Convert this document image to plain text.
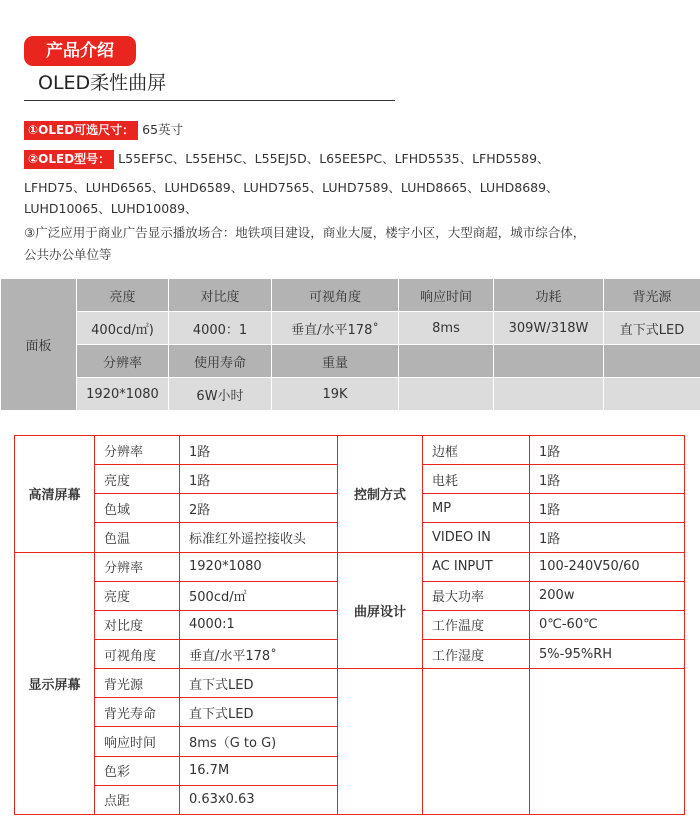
产品介绍
OLED柔性曲屏
①OLED可选尺寸： 65英寸
②OLED型号： L55EF5C、L55EH5C、L55EJ5D、L65EE5PC、LFHD5535、LFHD5589、
LFHD75、LUHD6565、LUHD6589、LUHD7565、LUHD7589、LUHD8665、LUHD8689、
LUHD10065、LUHD10089、
③广泛应用于商业广告显示播放场合：地铁项目建设，商业大厦，楼宇小区，大型商超，城市综合体，
公共办公单位等
面板	亮度	对比度	可视角度	响应时间	功耗	背光源
	400cd/㎡)	4000：1	垂直/水平178˚	8ms	309W/318W	直下式LED
	分辨率	使用寿命	重量			
	1920*1080	6W小时	19K			
高清屏幕	分辨率	1路	控制方式	边框	1路
	亮度	1路		电耗	1路
	色域	2路		MP	1路
	色温	标准红外遥控接收头		VIDEO IN	1路
显示屏幕	分辨率	1920*1080	曲屏设计	AC INPUT	100-240V50/60
	亮度	500cd/㎡		最大功率	200w
	对比度	4000:1		工作温度	0℃-60℃
	可视角度	垂直/水平178˚		工作湿度	5%-95%RH
	背光源	直下式LED			
	背光寿命	直下式LED			
	响应时间	8ms（G to G)			
	色彩	16.7M			
	点距	0.63x0.63			
